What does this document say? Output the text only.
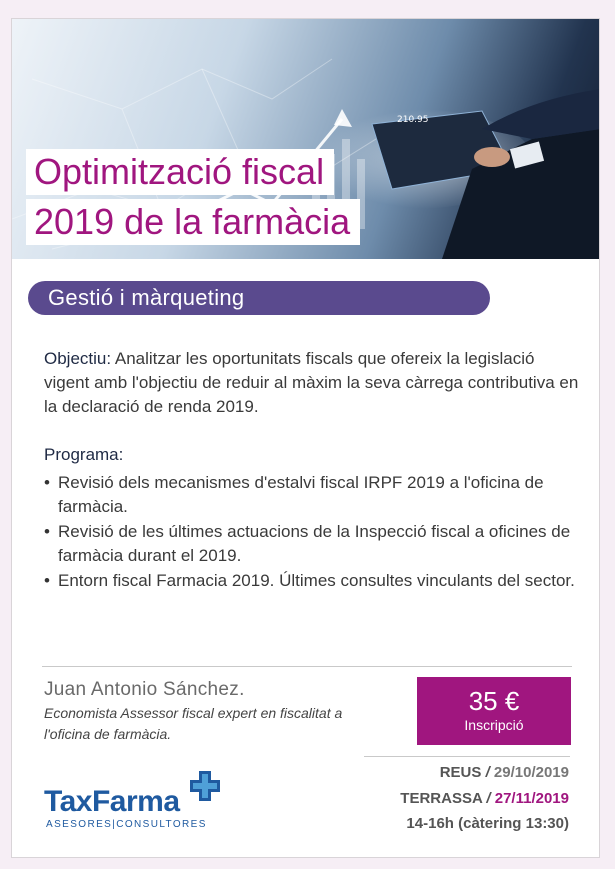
210.95
Optimització fiscal
2019 de la farmàcia
Gestió i màrqueting
Objectiu: Analitzar les oportunitats fiscals que ofereix la legislació vigent amb l'objectiu de reduir al màxim la seva càrrega contributiva en la declaració de renda 2019.
Programa:
• Revisió dels mecanismes d'estalvi fiscal IRPF 2019 a l'oficina de farmàcia.
• Revisió de les últimes actuacions de la Inspecció fiscal a oficines de farmàcia durant el 2019.
• Entorn fiscal Farmacia 2019. Últimes consultes vinculants del sector.
Juan Antonio Sánchez.
Economista Assessor fiscal expert en fiscalitat a l'oficina de farmàcia.
35 €
Inscripció
REUS / 29/10/2019
TERRASSA / 27/11/2019
14-16h (càtering 13:30)
TaxFarma
ASESORES|CONSULTORES
